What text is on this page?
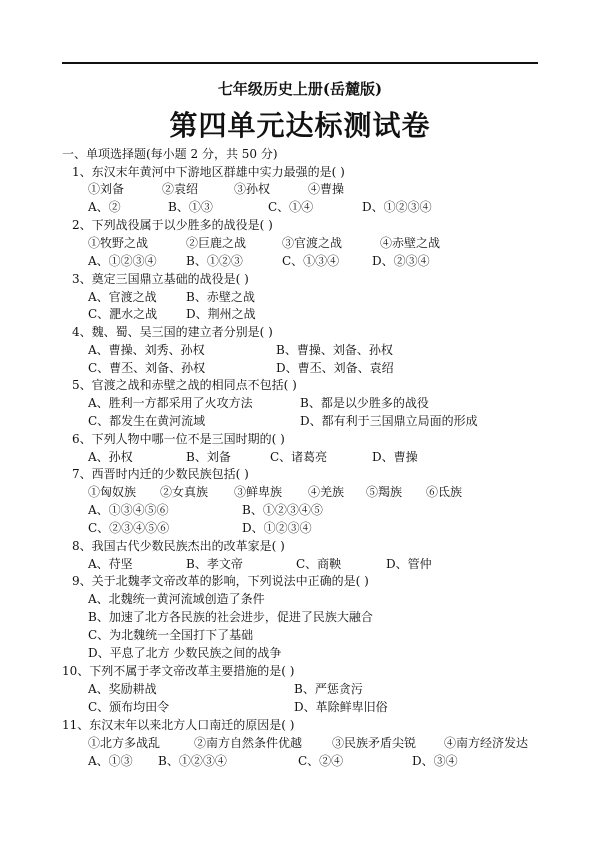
七年级历史上册(岳麓版)
第四单元达标测试卷
一、单项选择题(每小题 2 分，共 50 分)
1、东汉末年黄河中下游地区群雄中实力最强的是( )
①刘备	②袁绍	③孙权	④曹操
A、②	B、①③	C、①④	D、①②③④
2、下列战役属于以少胜多的战役是( )
①牧野之战	②巨鹿之战	③官渡之战	④赤壁之战
A、①②③④ B、①②③	C、①③④	D、②③④
3、奠定三国鼎立基础的战役是( )
A、官渡之战 B、赤壁之战
C、淝水之战 D、荆州之战
4、魏、蜀、吴三国的建立者分别是( )
A、曹操、刘秀、孙权	B、曹操、刘备、孙权
C、曹丕、刘备、孙权	D、曹丕、刘备、袁绍
5、官渡之战和赤壁之战的相同点不包括( )
A、胜利一方都采用了火攻方法	B、都是以少胜多的战役
C、都发生在黄河流域	D、都有利于三国鼎立局面的形成
6、下列人物中哪一位不是三国时期的( )
A、孙权	B、刘备	C、诸葛亮	D、曹操
7、西晋时内迁的少数民族包括( )
①匈奴族 ②女真族 ③鲜卑族 ④羌族 ⑤羯族 ⑥氐族
A、①③④⑤⑥	B、①②③④⑤
C、②③④⑤⑥	D、①②③④
8、我国古代少数民族杰出的改革家是( )
A、苻坚	B、孝文帝	C、商鞅	D、管仲
9、关于北魏孝文帝改革的影响，下列说法中正确的是( )
A、北魏统一黄河流域创造了条件
B、加速了北方各民族的社会进步，促进了民族大融合
C、为北魏统一全国打下了基础
D、平息了北方 少数民族之间的战争
10、下列不属于孝文帝改革主要措施的是( )
A、奖励耕战	B、严惩贪污
C、颁布均田令	D、革除鲜卑旧俗
11、东汉末年以来北方人口南迁的原因是( )
①北方多战乱	②南方自然条件优越 ③民族矛盾尖锐 ④南方经济发达
A、①③ B、①②③④	C、②④	D、③④
